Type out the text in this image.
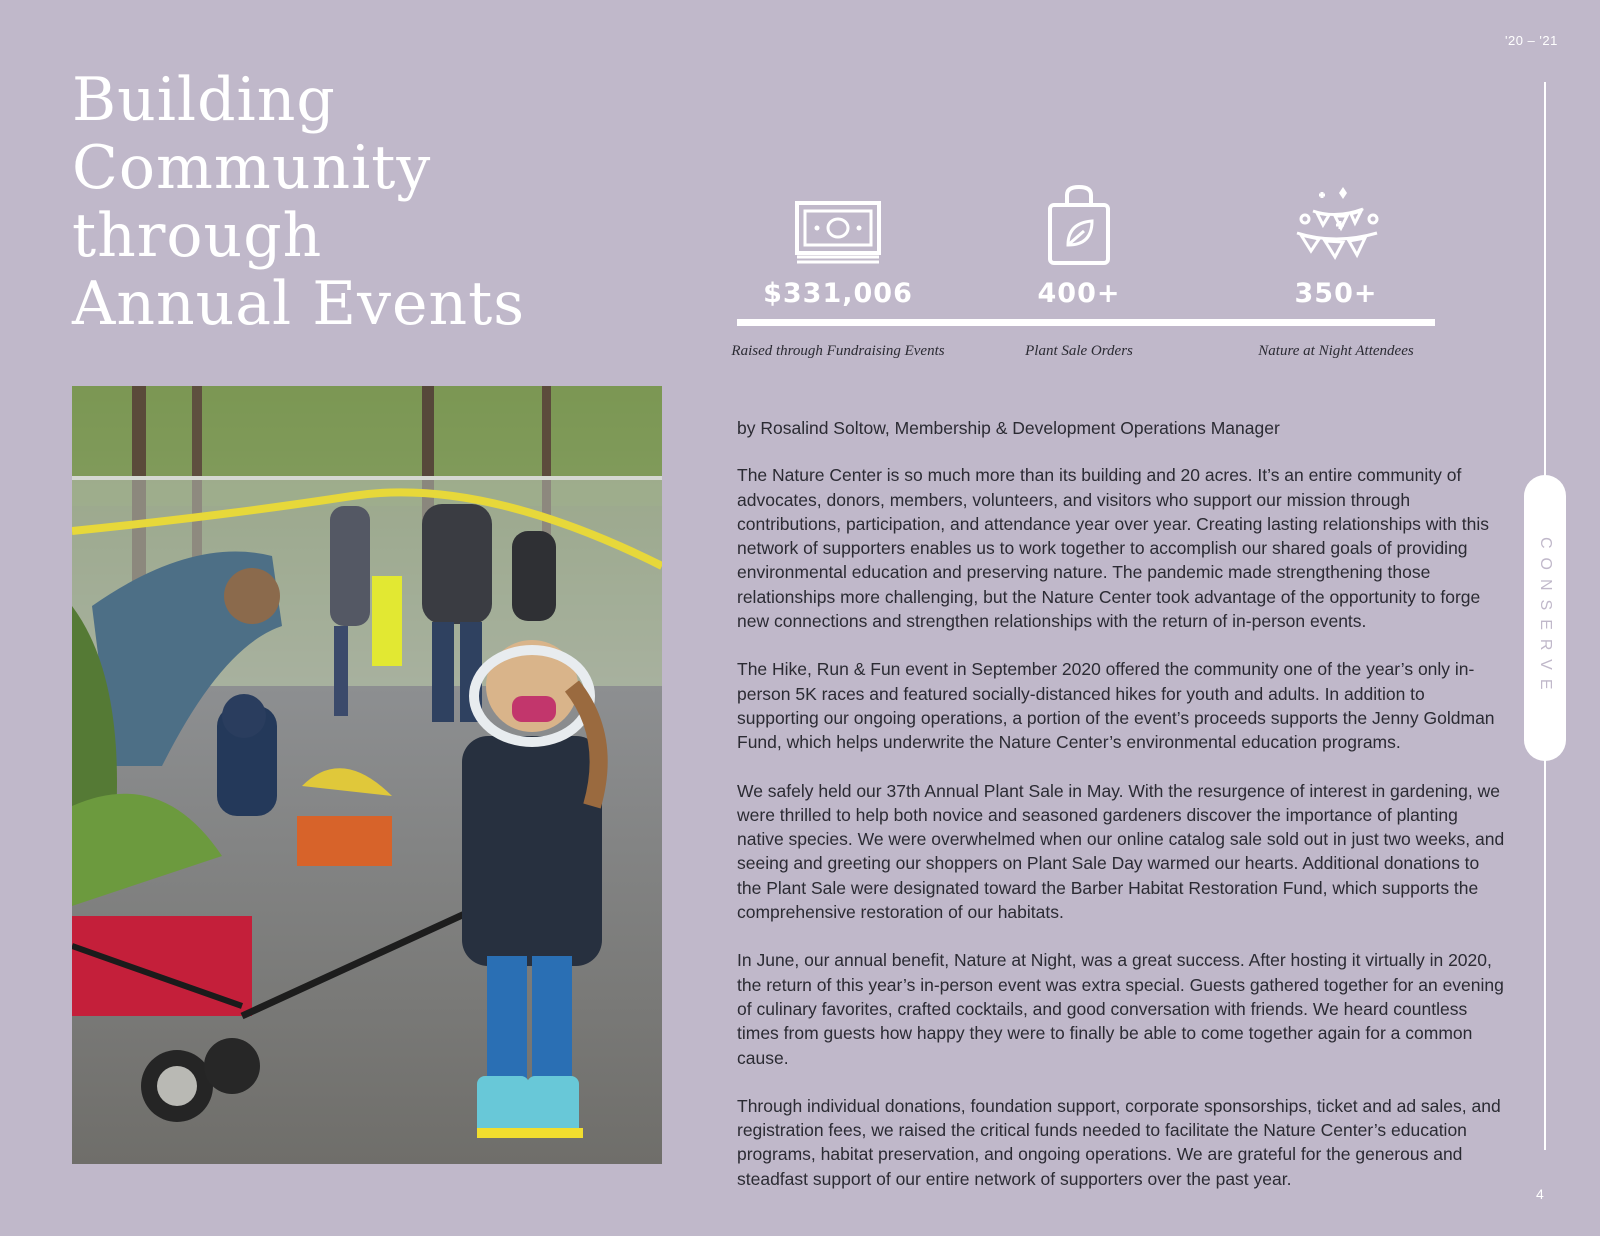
'20 – '21
CONSERVE
4
Building
Community
through
Annual Events	$331,006
Raised through Fundraising Events
400+
Plant Sale Orders
350+
Nature at Night Attendees

by Rosalind Soltow, Membership & Development Operations Manager

The Nature Center is so much more than its building and 20 acres. It’s an entire community of advocates, donors, members, volunteers, and visitors who support our mission through contributions, participation, and attendance year over year. Creating lasting relationships with this network of supporters enables us to work together to accomplish our shared goals of providing environmental education and preserving nature. The pandemic made strengthening those relationships more challenging, but the Nature Center took advantage of the opportunity to forge new connections and strengthen relationships with the return of in-person events.

The Hike, Run & Fun event in September 2020 offered the community one of the year’s only in-person 5K races and featured socially-distanced hikes for youth and adults. In addition to supporting our ongoing operations, a portion of the event’s proceeds supports the Jenny Goldman Fund, which helps underwrite the Nature Center’s environmental education programs.

We safely held our 37th Annual Plant Sale in May. With the resurgence of interest in gardening, we were thrilled to help both novice and seasoned gardeners discover the importance of planting native species. We were overwhelmed when our online catalog sale sold out in just two weeks, and seeing and greeting our shoppers on Plant Sale Day warmed our hearts. Additional donations to the Plant Sale were designated toward the Barber Habitat Restoration Fund, which supports the comprehensive restoration of our habitats.

In June, our annual benefit, Nature at Night, was a great success. After hosting it virtually in 2020, the return of this year’s in-person event was extra special. Guests gathered together for an evening of culinary favorites, crafted cocktails, and good conversation with friends. We heard countless times from guests how happy they were to finally be able to come together again for a common cause.

Through individual donations, foundation support, corporate sponsorships, ticket and ad sales, and registration fees, we raised the critical funds needed to facilitate the Nature Center’s education programs, habitat preservation, and ongoing operations. We are grateful for the generous and steadfast support of our entire network of supporters over the past year.
